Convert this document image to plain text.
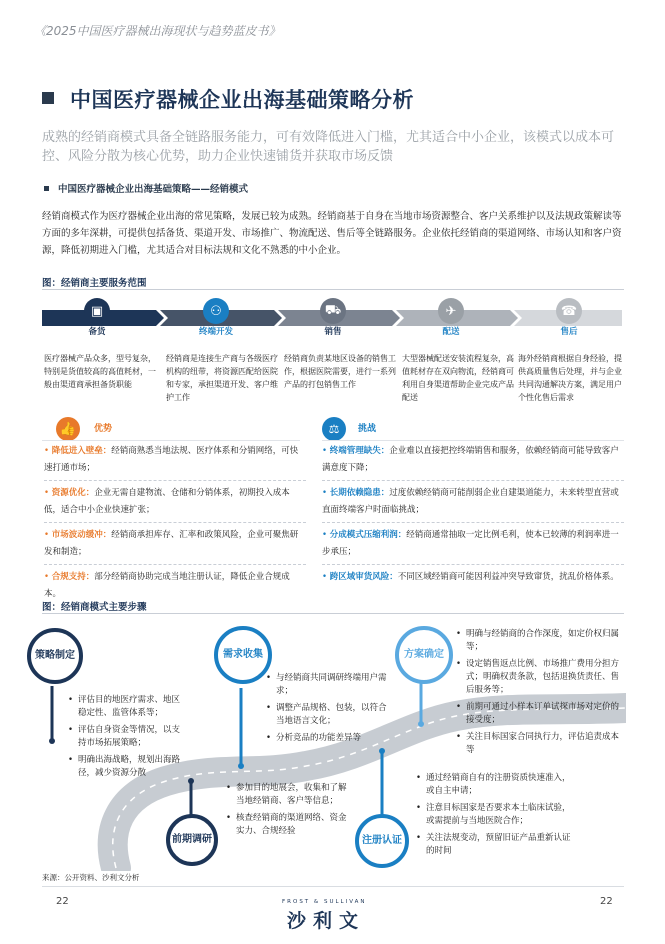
《2025中国医疗器械出海现状与趋势蓝皮书》
中国医疗器械企业出海基础策略分析
成熟的经销商模式具备全链路服务能力，可有效降低进入门槛，尤其适合中小企业，该模式以成本可控、风险分散为核心优势，助力企业快速铺货并获取市场反馈
中国医疗器械企业出海基础策略——经销模式
经销商模式作为医疗器械企业出海的常见策略，发展已较为成熟。经销商基于自身在当地市场资源整合、客户关系维护以及法规政策解读等方面的多年深耕，可提供包括备货、渠道开发、市场推广、物流配送、售后等全链路服务。企业依托经销商的渠道网络、市场认知和客户资源，降低初期进入门槛，尤其适合对目标法规和文化不熟悉的中小企业。
图：经销商主要服务范围
▣	⚇	⛟	✈	☎
备货	终端开发	销售	配送	售后
医疗器械产品众多，型号复杂，特别是货值较高的高值耗材，一般由渠道商承担备货职能
经销商是连接生产商与各级医疗机构的纽带，将资源匹配给医院和专家，承担渠道开发、客户维护工作
经销商负责某地区设备的销售工作，根据医院需要，进行一系列产品的打包销售工作
大型器械配送安装流程复杂，高值耗材存在双向物流，经销商可利用自身渠道帮助企业完成产品配送
海外经销商根据自身经验，提供高质量售后处理，并与企业共同沟通解决方案，满足用户个性化售后需求
👍	优势	⚖	挑战
• 降低进入壁垒：经销商熟悉当地法规、医疗体系和分销网络，可快速打通市场；
• 资源优化：企业无需自建物流、仓储和分销体系，初期投入成本低，适合中小企业快速扩张；
• 市场波动缓冲：经销商承担库存、汇率和政策风险，企业可聚焦研发和制造；
• 合规支持：部分经销商协助完成当地注册认证，降低企业合规成本。
• 终端管理缺失：企业难以直接把控终端销售和服务，依赖经销商可能导致客户满意度下降；
• 长期依赖隐患：过度依赖经销商可能削弱企业自建渠道能力，未来转型直营或直面终端客户时面临挑战；
• 分成模式压缩利润：经销商通常抽取一定比例毛利，使本已较薄的利润率进一步承压；
• 跨区域审货风险：不同区域经销商可能因利益冲突导致窜货，扰乱价格体系。
图：经销商模式主要步骤
策略制定
前期调研
需求收集
注册认证
方案确定
• 评估目的地医疗需求、地区稳定性、监管体系等；
• 评估自身资金等情况，以支持市场拓展策略；
• 明确出海战略，规划出海路径，减少资源分散
• 参加目的地展会，收集和了解当地经销商、客户等信息；
• 核查经销商的渠道网络、资金实力、合规经验
• 与经销商共同调研终端用户需求；
• 调整产品规格、包装，以符合当地语言文化；
• 分析竞品的功能差异等
• 通过经销商自有的注册资质快速准入，或自主申请；
• 注意目标国家是否要求本土临床试验，或需提前与当地医院合作；
• 关注法规变动，预留旧证产品重新认证的时间
• 明确与经销商的合作深度，如定价权归属等；
• 设定销售返点比例、市场推广费用分担方式；明确权责条款，包括退换货责任、售后服务等；
• 前期可通过小样本订单试探市场对定价的接受度；
• 关注目标国家合同执行力，评估追责成本等
来源：公开资料、沙利文分析
22	22
FROST & SULLIVAN
沙利文
